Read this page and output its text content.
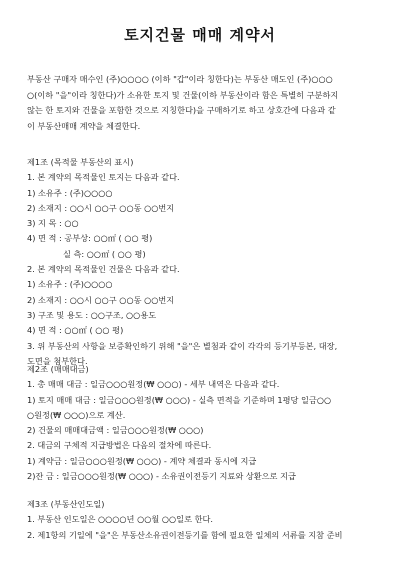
토지건물 매매 계약서
부동산 구매자 매수인 (주)○○○○ (이하 "갑"이라 칭한다)는 부동산 매도인 (주)○○○
○(이하 "을"이라 칭한다)가 소유한 토지 및 건물(이하 부동산이라 함은 특별히 구분하지
않는 한 토지와 건물을 포함한 것으로 지칭한다)을 구매하기로 하고 상호간에 다음과 같
이 부동산매매 계약을 체결한다.
제1조 (목적물 부동산의 표시)
1. 본 계약의 목적물인 토지는 다음과 같다.
1) 소유주 : (주)○○○○
2) 소재지 : ○○시 ○○구 ○○동 ○○번지
3) 지 목 : ○○
4) 면 적 : 공부상: ○○㎡ ( ○○ 평)
실 측: ○○㎡ ( ○○ 평)
2. 본 계약의 목적물인 건물은 다음과 같다.
1) 소유주 : (주)○○○○
2) 소재지 : ○○시 ○○구 ○○동 ○○번지
3) 구조 및 용도 : ○○구조, ○○용도
4) 면 적 : ○○㎡ ( ○○ 평)
3. 위 부동산의 사항을 보증확인하기 위해 "을"은 별첨과 같이 각각의 등기부등본, 대장,
도면을 첨부한다.
제2조 (매매대금)
1. 총 매매 대금 : 일금○○○원정(₩ ○○○) - 세부 내역은 다음과 같다.
1) 토지 매매 대금 : 일금○○○원정(₩ ○○○) - 실측 면적을 기준하며 1평당 일금○○
○원정(₩ ○○○)으로 계산.
2) 건물의 매매대금액 : 일금○○○원정(₩ ○○○)
2. 대금의 구체적 지급방법은 다음의 절차에 따른다.
1) 계약금 : 일금○○○원정(₩ ○○○) - 계약 체결과 동시에 지급
2)잔 금 : 일금○○○원정(₩ ○○○) - 소유권이전등기 지료와 상환으로 지급
제3조 (부동산인도일)
1. 부동산 인도일은 ○○○○년 ○○월 ○○일로 한다.
2. 제1항의 기일에 "을"은 부동산소유권이전등기를 함에 필요한 일체의 서류를 지참 준비
